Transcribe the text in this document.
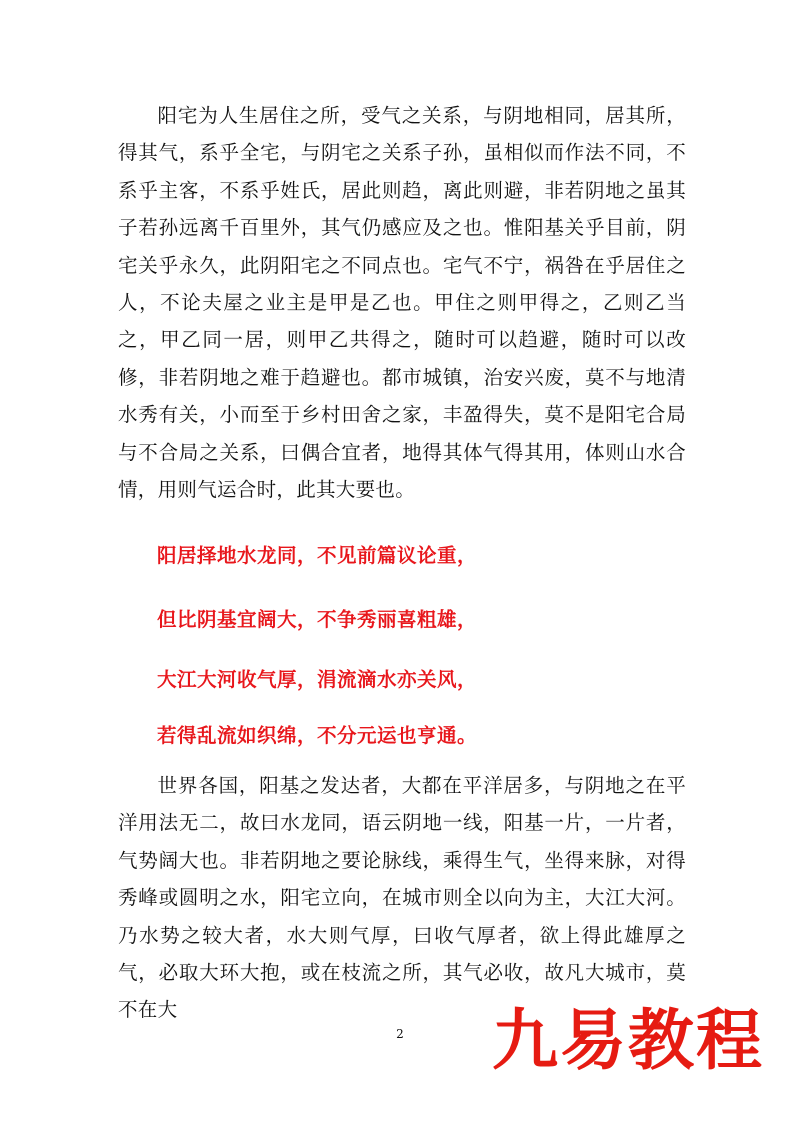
阳宅为人生居住之所，受气之关系，与阴地相同，居其所，得其气，系乎全宅，与阴宅之关系子孙，虽相似而作法不同，不系乎主客，不系乎姓氏，居此则趋，离此则避，非若阴地之虽其子若孙远离千百里外，其气仍感应及之也。惟阳基关乎目前，阴宅关乎永久，此阴阳宅之不同点也。宅气不宁，祸咎在乎居住之人，不论夫屋之业主是甲是乙也。甲住之则甲得之，乙则乙当之，甲乙同一居，则甲乙共得之，随时可以趋避，随时可以改修，非若阴地之难于趋避也。都市城镇，治安兴废，莫不与地清水秀有关，小而至于乡村田舍之家，丰盈得失，莫不是阳宅合局与不合局之关系，曰偶合宜者，地得其体气得其用，体则山水合情，用则气运合时，此其大要也。

阳居择地水龙同，不见前篇议论重，

但比阴基宜阔大，不争秀丽喜粗雄，

大江大河收气厚，涓流滴水亦关风，

若得乱流如织绵，不分元运也亨通。

世界各国，阳基之发达者，大都在平洋居多，与阴地之在平洋用法无二，故曰水龙同，语云阴地一线，阳基一片，一片者，气势阔大也。非若阴地之要论脉线，乘得生气，坐得来脉，对得秀峰或圆明之水，阳宅立向，在城市则全以向为主，大江大河。乃水势之较大者，水大则气厚，曰收气厚者，欲上得此雄厚之气，必取大环大抱，或在枝流之所，其气必收，故凡大城市，莫不在大

2 九易教程
